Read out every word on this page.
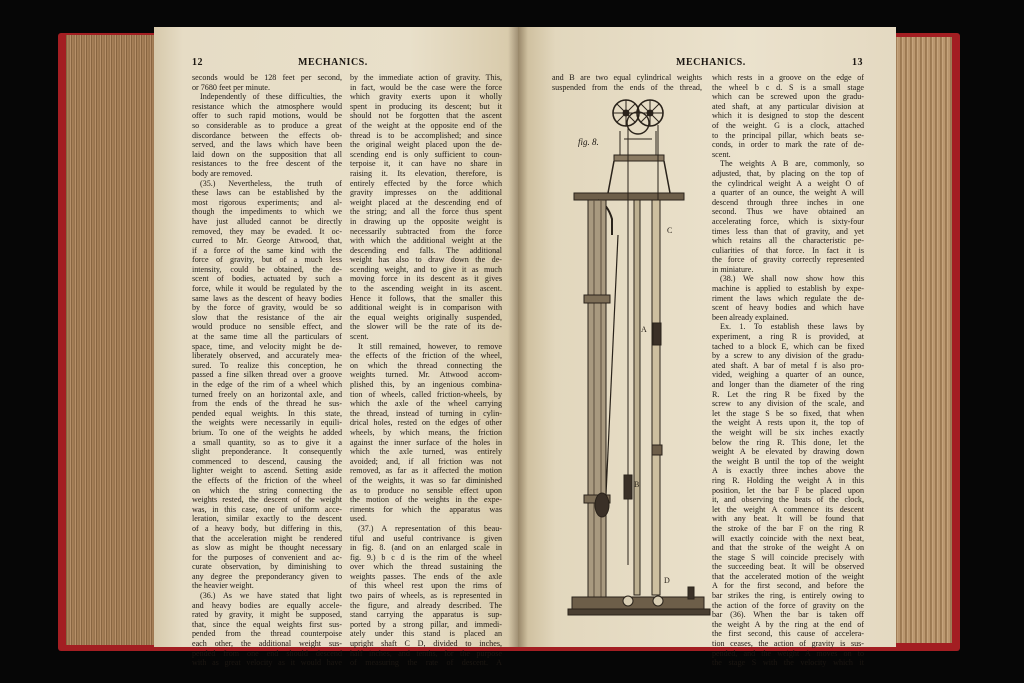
12	MECHANICS.
seconds would be 128 feet per second,
or 7680 feet per minute.
Independently of these difficulties, the
resistance which the atmosphere would
offer to such rapid motions, would be
so considerable as to produce a great
discordance between the effects ob-
served, and the laws which have been
laid down on the supposition that all
resistances to the free descent of the
body are removed.
(35.) Nevertheless, the truth of
these laws can be established by the
most rigorous experiments; and al-
though the impediments to which we
have just alluded cannot be directly
removed, they may be evaded. It oc-
curred to Mr. George Attwood, that,
if a force of the same kind with the
force of gravity, but of a much less
intensity, could be obtained, the de-
scent of bodies, actuated by such a
force, while it would be regulated by the
same laws as the descent of heavy bodies
by the force of gravity, would be so
slow that the resistance of the air
would produce no sensible effect, and
at the same time all the particulars of
space, time, and velocity might be de-
liberately observed, and accurately mea-
sured. To realize this conception, he
passed a fine silken thread over a groove
in the edge of the rim of a wheel which
turned freely on an horizontal axle, and
from the ends of the thread he sus-
pended equal weights. In this state,
the weights were necessarily in equili-
brium. To one of the weights he added
a small quantity, so as to give it a
slight preponderance. It consequently
commenced to descend, causing the
lighter weight to ascend. Setting aside
the effects of the friction of the wheel
on which the string connecting the
weights rested, the descent of the weight
was, in this case, one of uniform acce-
leration, similar exactly to the descent
of a heavy body, but differing in this,
that the acceleration might be rendered
as slow as might be thought necessary
for the purposes of convenient and ac-
curate observation, by diminishing to
any degree the preponderancy given to
the heavier weight.
(36.) As we have stated that light
and heavy bodies are equally accele-
rated by gravity, it might be supposed,
that, since the equal weights first sus-
pended from the thread counterpoise
each other, the additional weight sus-
pended from one end should descend
with as great velocity as it would have
by the immediate action of gravity. This,
in fact, would be the case were the force
which gravity exerts upon it wholly
spent in producing its descent; but it
should not be forgotten that the ascent
of the weight at the opposite end of the
thread is to be accomplished; and since
the original weight placed upon the de-
scending end is only sufficient to coun-
terpoise it, it can have no share in
raising it. Its elevation, therefore, is
entirely effected by the force which
gravity impresses on the additional
weight placed at the descending end of
the string; and all the force thus spent
in drawing up the opposite weight is
necessarily subtracted from the force
with which the additional weight at the
descending end falls. The additional
weight has also to draw down the de-
scending weight, and to give it as much
moving force in its descent as it gives
to the ascending weight in its ascent.
Hence it follows, that the smaller this
additional weight is in comparison with
the equal weights originally suspended,
the slower will be the rate of its de-
scent.
It still remained, however, to remove
the effects of the friction of the wheel,
on which the thread connecting the
weights turned. Mr. Attwood accom-
plished this, by an ingenious combina-
tion of wheels, called friction-wheels, by
which the axle of the wheel carrying
the thread, instead of turning in cylin-
drical holes, rested on the edges of other
wheels, by which means, the friction
against the inner surface of the holes in
which the axle turned, was entirely
avoided; and, if all friction was not
removed, as far as it affected the motion
of the weights, it was so far diminished
as to produce no sensible effect upon
the motion of the weights in the expe-
riments for which the apparatus was
used.
(37.) A representation of this beau-
tiful and useful contrivance is given
in fig. 8. (and on an enlarged scale in
fig. 9.) b c d is the rim of the wheel
over which the thread sustaining the
weights passes. The ends of the axle
of this wheel rest upon the rims of
two pairs of wheels, as is represented in
the figure, and already described. The
stand carrying the apparatus is sup-
ported by a strong pillar, and immedi-
ately under this stand is placed an
upright shaft C D, divided to inches,
half inches, and tenths, for the purpose
of measuring the rate of descent. A
MECHANICS.	13
and B are two equal cylindrical weights
suspended from the ends of the thread,
fig. 8.
C
A
B
D
which rests in a groove on the edge of
the wheel b c d. S is a small stage
which can be screwed upon the gradu-
ated shaft, at any particular division at
which it is designed to stop the descent
of the weight. G is a clock, attached
to the principal pillar, which beats se-
conds, in order to mark the rate of de-
scent.
The weights A B are, commonly, so
adjusted, that, by placing on the top of
the cylindrical weight A a weight O of
a quarter of an ounce, the weight A will
descend through three inches in one
second. Thus we have obtained an
accelerating force, which is sixty-four
times less than that of gravity, and yet
which retains all the characteristic pe-
culiarities of that force. In fact it is
the force of gravity correctly represented
in miniature.
(38.) We shall now show how this
machine is applied to establish by expe-
riment the laws which regulate the de-
scent of heavy bodies and which have
been already explained.
Ex. 1. To establish these laws by
experiment, a ring R is provided, at
tached to a block E, which can be fixed
by a screw to any division of the gradu-
ated shaft. A bar of metal f is also pro-
vided, weighing a quarter of an ounce,
and longer than the diameter of the ring
R. Let the ring R be fixed by the
screw to any division of the scale, and
let the stage S be so fixed, that when
the weight A rests upon it, the top of
the weight will be six inches exactly
below the ring R. This done, let the
weight A be elevated by drawing down
the weight B until the top of the weight
A is exactly three inches above the
ring R. Holding the weight A in this
position, let the bar F be placed upon
it, and observing the beats of the clock,
let the weight A commence its descent
with any beat. It will be found that
the stroke of the bar F on the ring R
will exactly coincide with the next beat,
and that the stroke of the weight A on
the stage S will coincide precisely with
the succeeding beat. It will be observed
that the accelerated motion of the weight
A for the first second, and before the
bar strikes the ring, is entirely owing to
the action of the force of gravity on the
bar (36). When the bar is taken off
the weight A by the ring at the end of
the first second, this cause of accelera-
tion ceases, the action of gravity is sus-
pended, and the weight A moves on to
the stage S with the velocity which it
